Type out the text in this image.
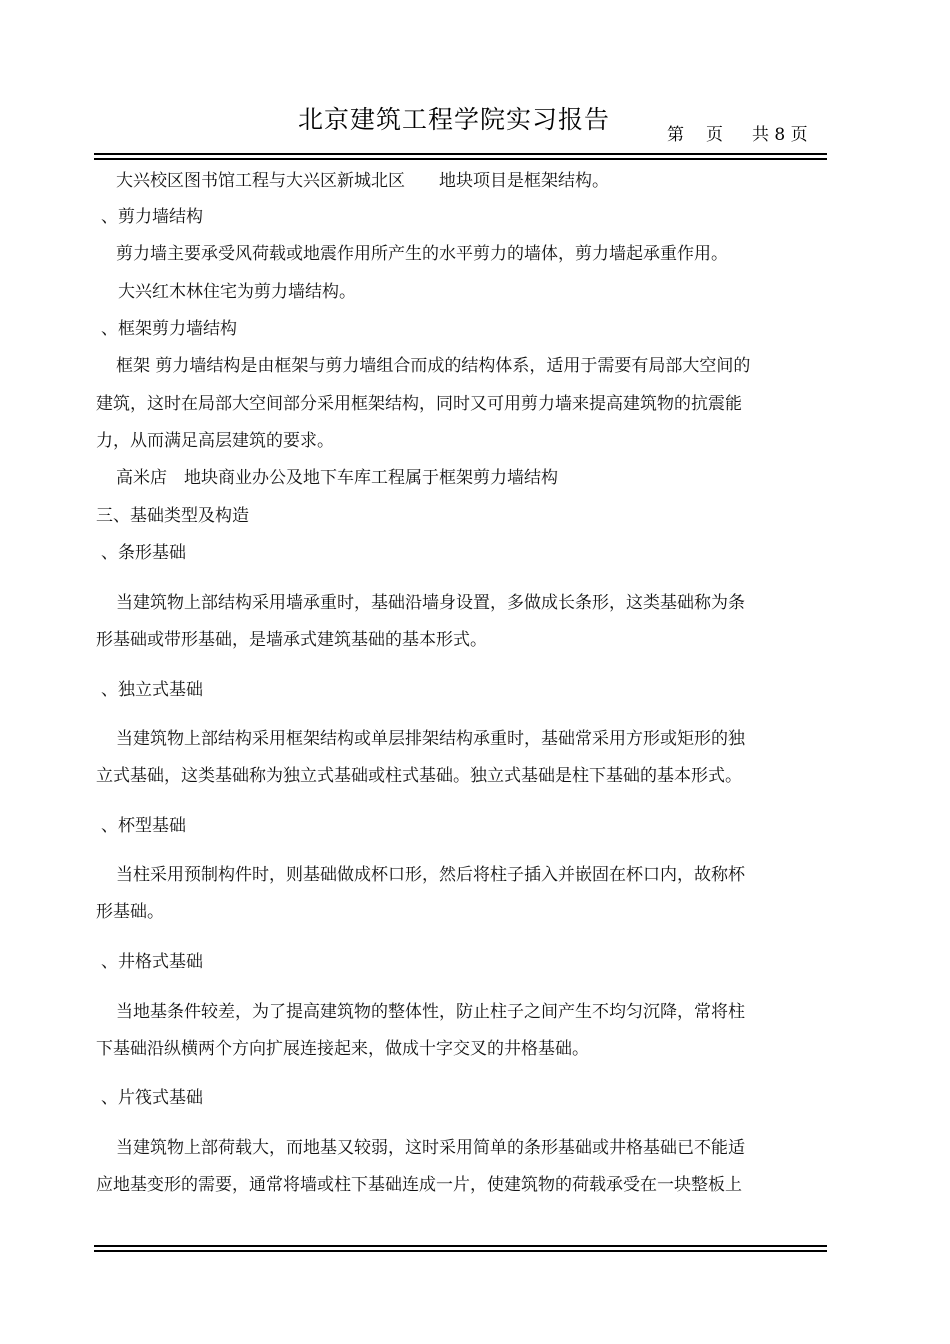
北京建筑工程学院实习报告
第 页 共 8 页
大兴校区图书馆工程与大兴区新城北区　　地块项目是框架结构。
、剪力墙结构
剪力墙主要承受风荷载或地震作用所产生的水平剪力的墙体，剪力墙起承重作用。
大兴红木林住宅为剪力墙结构。
、框架剪力墙结构
框架 剪力墙结构是由框架与剪力墙组合而成的结构体系，适用于需要有局部大空间的
建筑，这时在局部大空间部分采用框架结构，同时又可用剪力墙来提高建筑物的抗震能
力，从而满足高层建筑的要求。
高米店　地块商业办公及地下车库工程属于框架剪力墙结构
三、基础类型及构造
、条形基础
当建筑物上部结构采用墙承重时，基础沿墙身设置，多做成长条形，这类基础称为条
形基础或带形基础，是墙承式建筑基础的基本形式。
、独立式基础
当建筑物上部结构采用框架结构或单层排架结构承重时，基础常采用方形或矩形的独
立式基础，这类基础称为独立式基础或柱式基础。独立式基础是柱下基础的基本形式。
、杯型基础
当柱采用预制构件时，则基础做成杯口形，然后将柱子插入并嵌固在杯口内，故称杯
形基础。
、井格式基础
当地基条件较差，为了提高建筑物的整体性，防止柱子之间产生不均匀沉降，常将柱
下基础沿纵横两个方向扩展连接起来，做成十字交叉的井格基础。
、片筏式基础
当建筑物上部荷载大，而地基又较弱，这时采用简单的条形基础或井格基础已不能适
应地基变形的需要，通常将墙或柱下基础连成一片，使建筑物的荷载承受在一块整板上
